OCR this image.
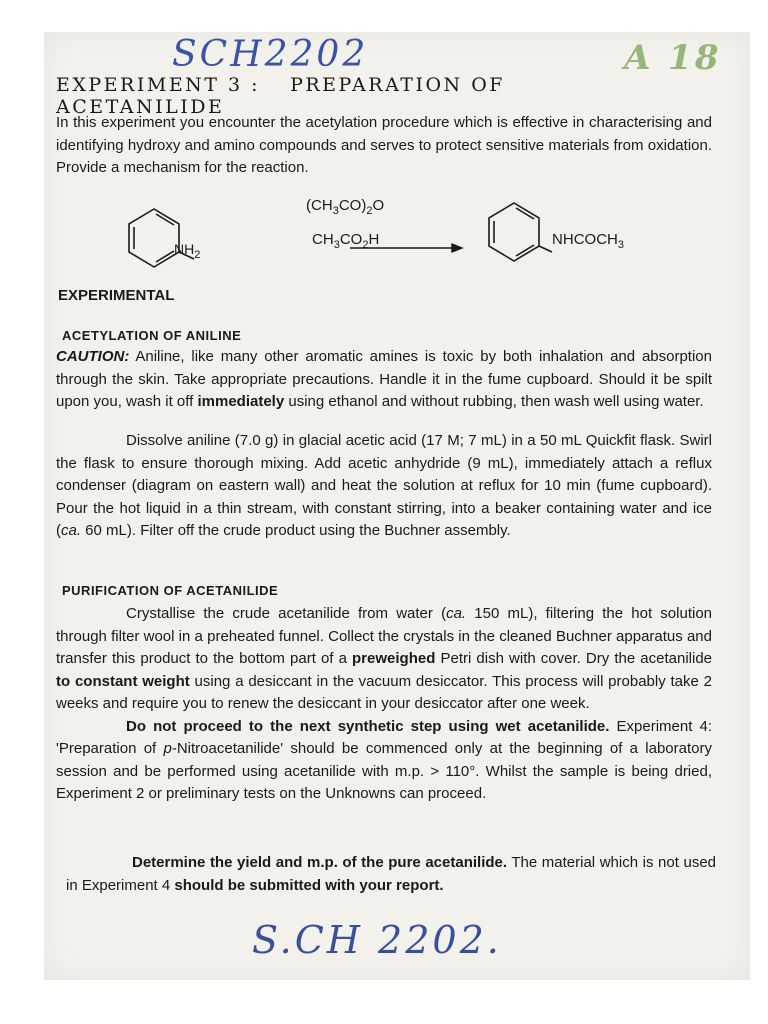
SCH2202	A 18
EXPERIMENT 3 : PREPARATION OF ACETANILIDE

In this experiment you encounter the acetylation procedure which is effective in characterising and identifying hydroxy and amino compounds and serves to protect sensitive materials from oxidation. Provide a mechanism for the reaction.

$NH_2$
$(CH_3CO)_2O$
$CH_3CO_2H$	$NHCOCH_3$
EXPERIMENTAL
ACETYLATION OF ANILINE

CAUTION: Aniline, like many other aromatic amines is toxic by both inhalation and absorption through the skin. Take appropriate precautions. Handle it in the fume cupboard. Should it be spilt upon you, wash it off immediately using ethanol and without rubbing, then wash well using water.

Dissolve aniline (7.0 g) in glacial acetic acid (17 M; 7 mL) in a 50 mL Quickfit flask. Swirl the flask to ensure thorough mixing. Add acetic anhydride (9 mL), immediately attach a reflux condenser (diagram on eastern wall) and heat the solution at reflux for 10 min (fume cupboard). Pour the hot liquid in a thin stream, with constant stirring, into a beaker containing water and ice (ca. 60 mL). Filter off the crude product using the Buchner assembly.

PURIFICATION OF ACETANILIDE

Crystallise the crude acetanilide from water (ca. 150 mL), filtering the hot solution through filter wool in a preheated funnel. Collect the crystals in the cleaned Buchner apparatus and transfer this product to the bottom part of a preweighed Petri dish with cover. Dry the acetanilide to constant weight using a desiccant in the vacuum desiccator. This process will probably take 2 weeks and require you to renew the desiccant in your desiccator after one week.
Do not proceed to the next synthetic step using wet acetanilide. Experiment 4: 'Preparation of p-Nitroacetanilide' should be commenced only at the beginning of a laboratory session and be performed using acetanilide with m.p. > 110°. Whilst the sample is being dried, Experiment 2 or preliminary tests on the Unknowns can proceed.

Determine the yield and m.p. of the pure acetanilide. The material which is not used in Experiment 4 should be submitted with your report.

S.CH 2202.
